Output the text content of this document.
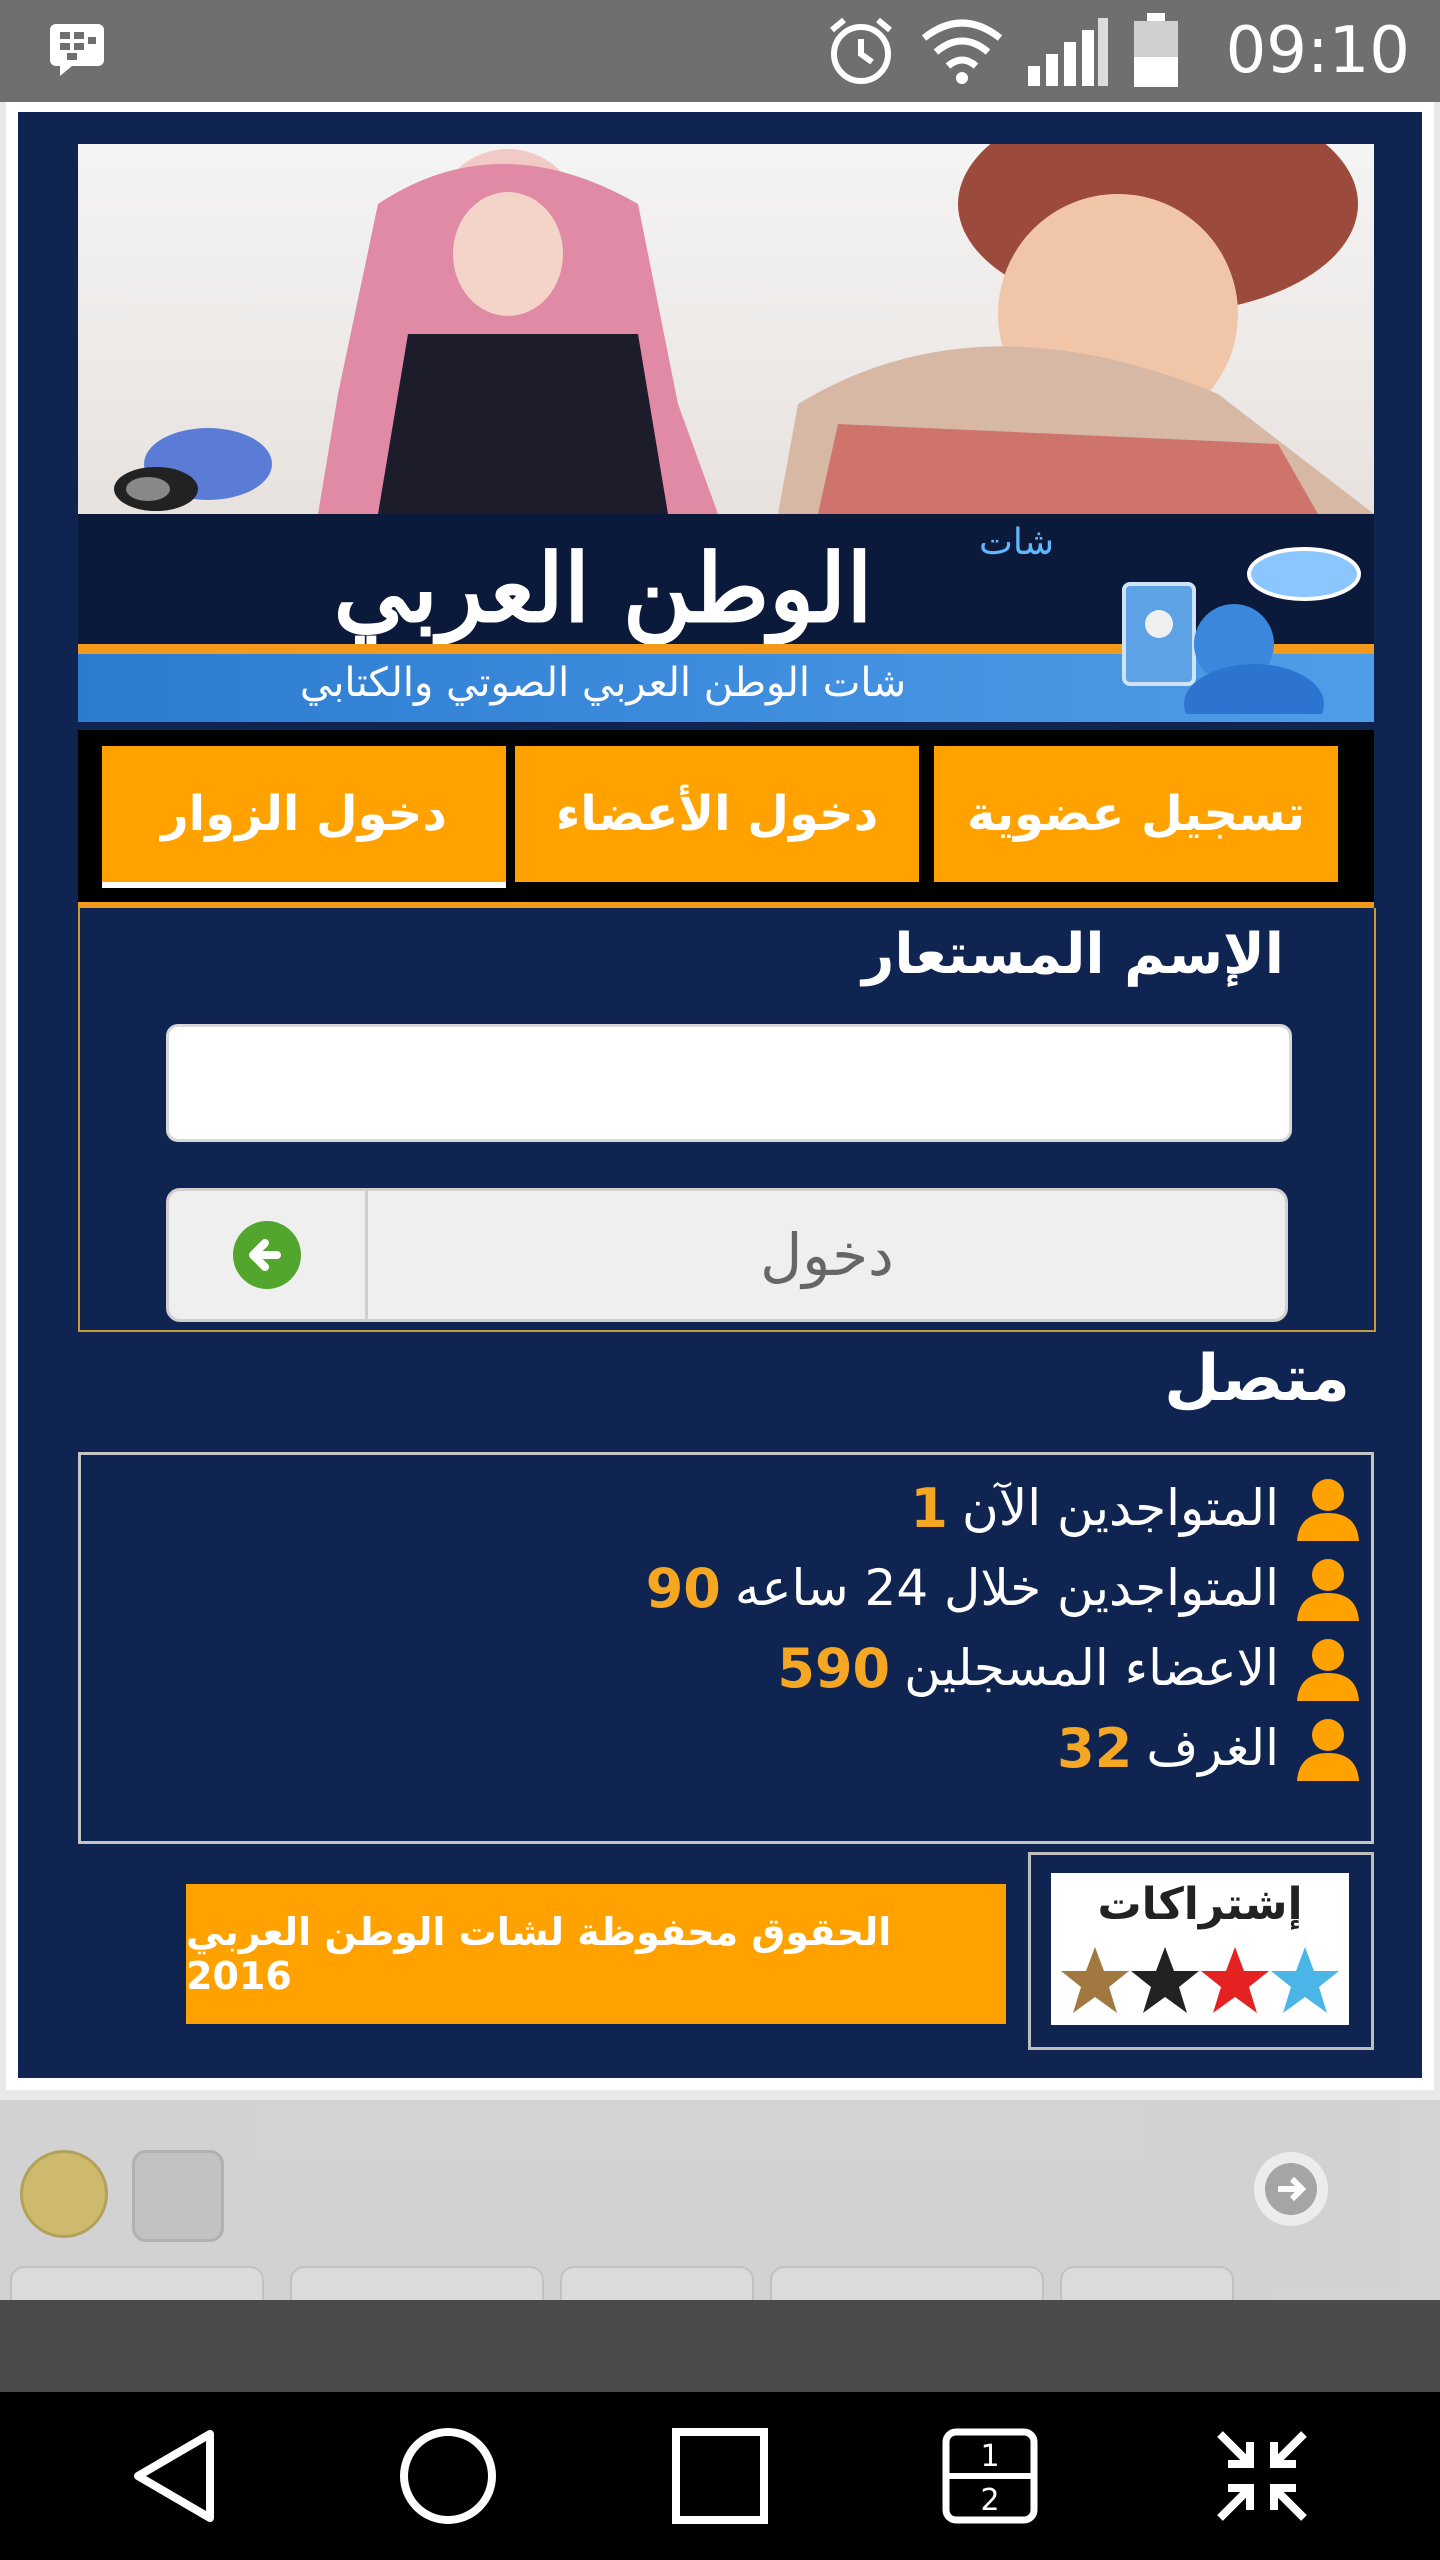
09:10
شات
الوطن العربي
شات الوطن العربي الصوتي والكتابي
تسجيل عضوية
دخول الأعضاء
دخول الزوار
الإسم المستعار
دخول
متصل
المتواجدين الآن
1
المتواجدين خلال 24 ساعه
90
الاعضاء المسجلين
590
الغرف
32
إشتراكات
الحقوق محفوظة لشات الوطن العربي 2016
1
2
